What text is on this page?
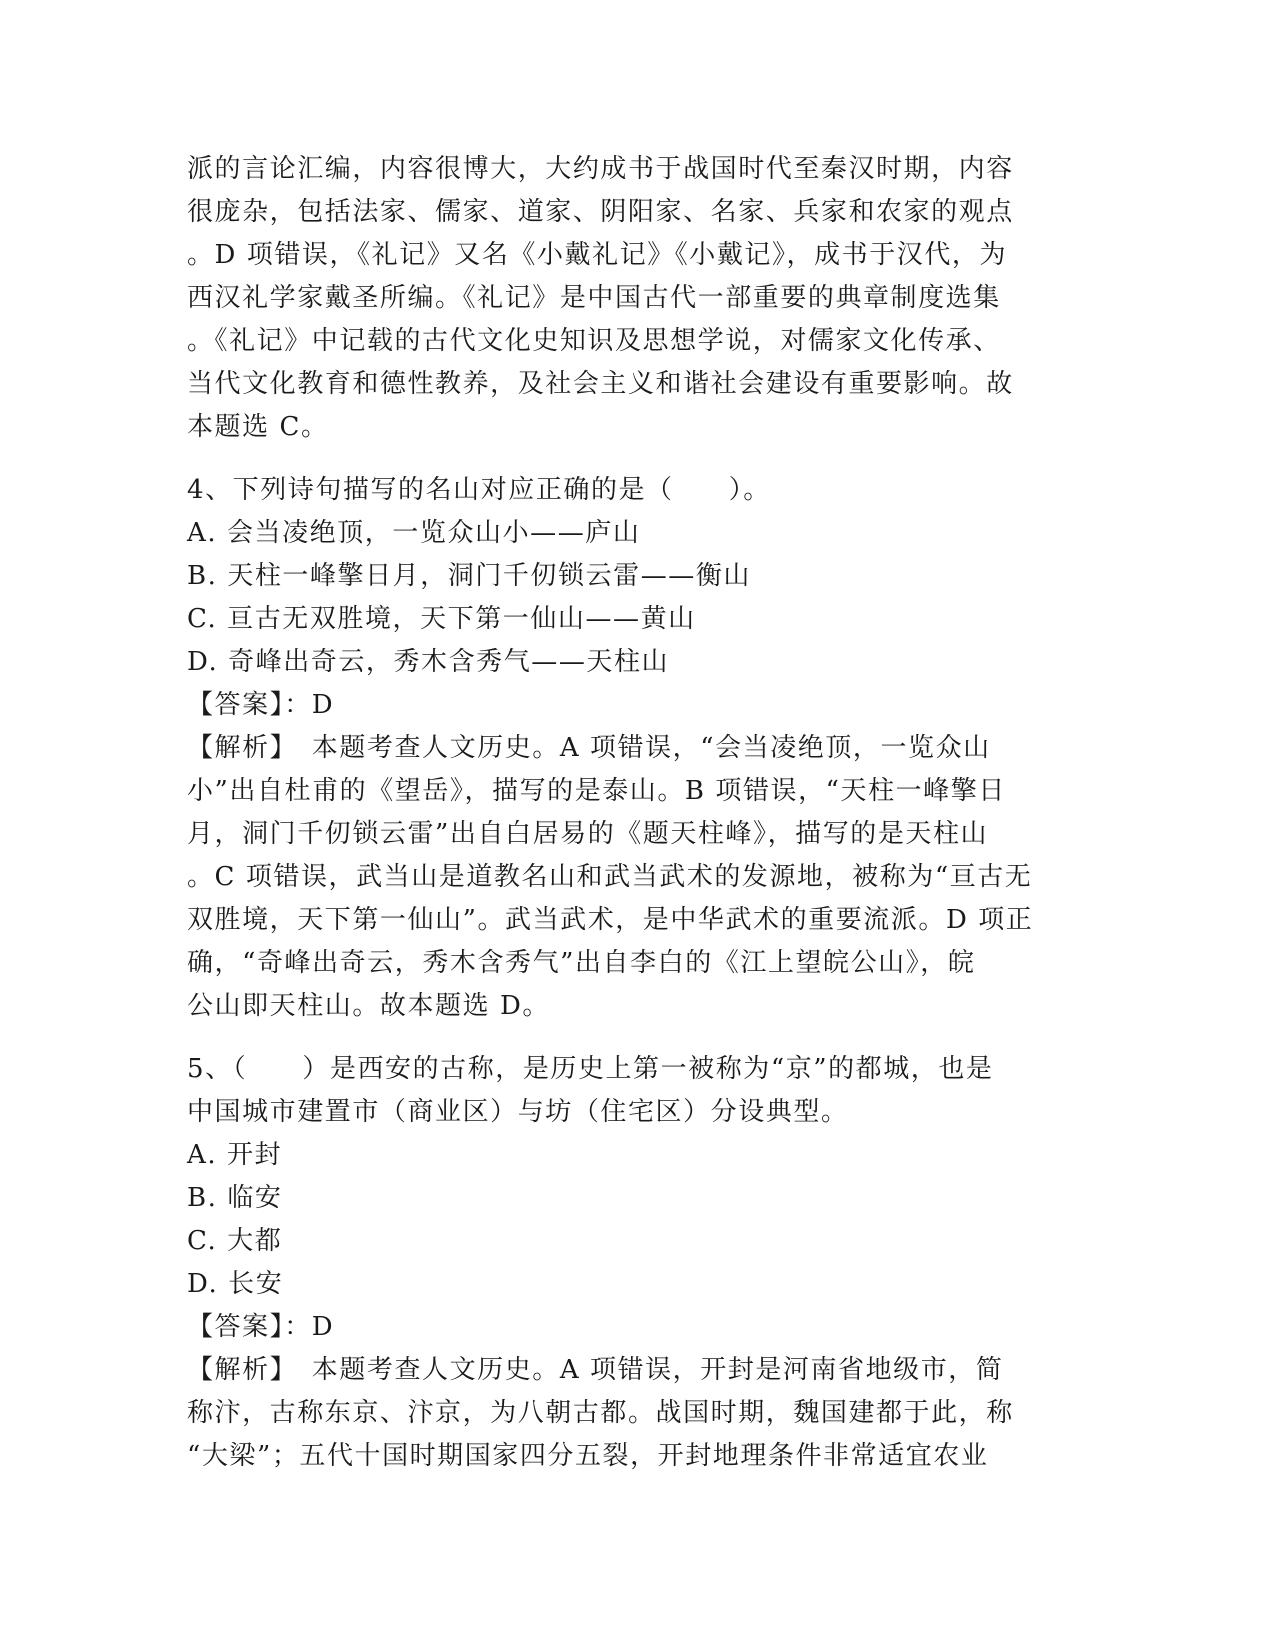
派的言论汇编，内容很博大，大约成书于战国时代至秦汉时期，内容
很庞杂，包括法家、儒家、道家、阴阳家、名家、兵家和农家的观点
。D 项错误，《礼记》又名《小戴礼记》《小戴记》，成书于汉代，为
西汉礼学家戴圣所编。《礼记》是中国古代一部重要的典章制度选集
。《礼记》中记载的古代文化史知识及思想学说，对儒家文化传承、
当代文化教育和德性教养，及社会主义和谐社会建设有重要影响。故
本题选 C。
4、下列诗句描写的名山对应正确的是（　　）。
A. 会当凌绝顶，一览众山小——庐山
B. 天柱一峰擎日月，洞门千仞锁云雷——衡山
C. 亘古无双胜境，天下第一仙山——黄山
D. 奇峰出奇云，秀木含秀气——天柱山
【答案】：D
【解析】　本题考查人文历史。A 项错误，“会当凌绝顶，一览众山
小”出自杜甫的《望岳》，描写的是泰山。B 项错误，“天柱一峰擎日
月，洞门千仞锁云雷”出自白居易的《题天柱峰》，描写的是天柱山
。C 项错误，武当山是道教名山和武当武术的发源地，被称为“亘古无
双胜境，天下第一仙山”。武当武术，是中华武术的重要流派。D 项正
确，“奇峰出奇云，秀木含秀气”出自李白的《江上望皖公山》，皖
公山即天柱山。故本题选 D。
5、（　　）是西安的古称，是历史上第一被称为“京”的都城，也是
中国城市建置市（商业区）与坊（住宅区）分设典型。
A. 开封
B. 临安
C. 大都
D. 长安
【答案】：D
【解析】　本题考查人文历史。A 项错误，开封是河南省地级市，简
称汴，古称东京、汴京，为八朝古都。战国时期，魏国建都于此，称
“大梁”；五代十国时期国家四分五裂，开封地理条件非常适宜农业
